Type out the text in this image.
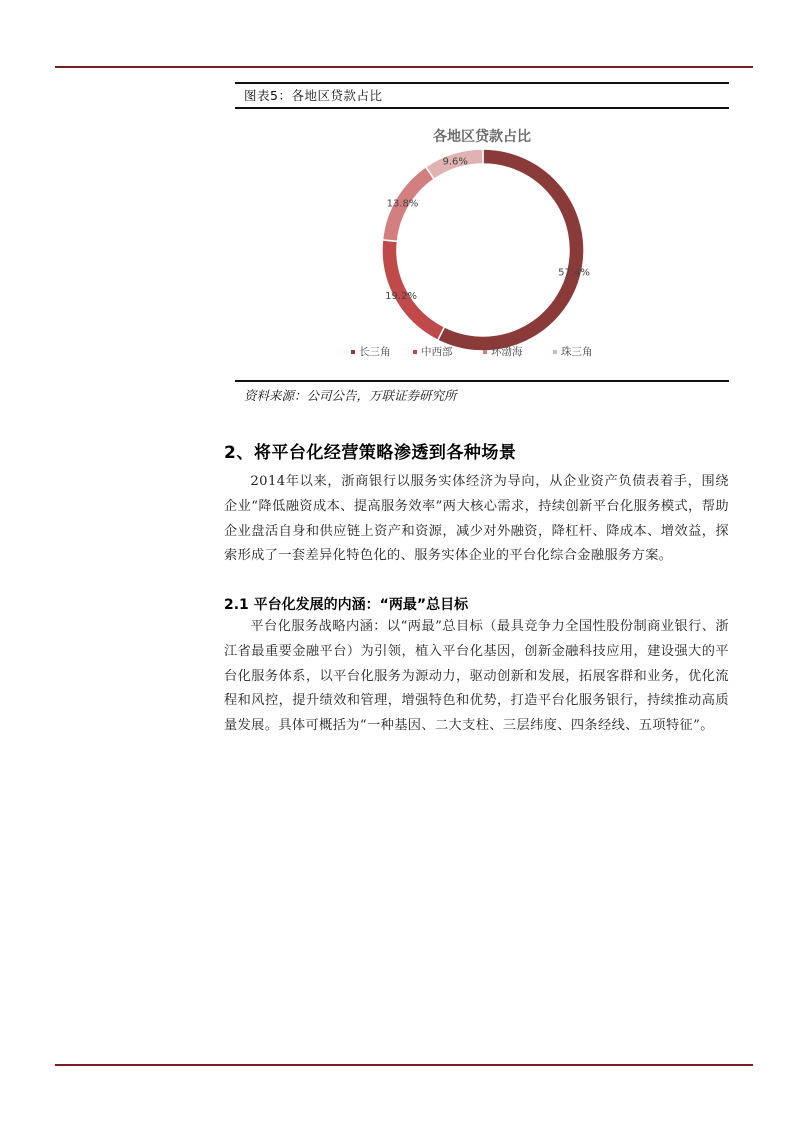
图表5：各地区贷款占比
各地区贷款占比
57.4%
19.2%
13.8%
9.6%
长三角	中西部	环渤海	珠三角
资料来源：公司公告，万联证券研究所
2、将平台化经营策略渗透到各种场景
2014年以来，浙商银行以服务实体经济为导向，从企业资产负债表着手，围绕企业“降低融资成本、提高服务效率”两大核心需求，持续创新平台化服务模式，帮助企业盘活自身和供应链上资产和资源，减少对外融资，降杠杆、降成本、增效益，探索形成了一套差异化特色化的、服务实体企业的平台化综合金融服务方案。
2.1 平台化发展的内涵：“两最”总目标
平台化服务战略内涵：以“两最”总目标（最具竞争力全国性股份制商业银行、浙江省最重要金融平台）为引领，植入平台化基因，创新金融科技应用，建设强大的平台化服务体系，以平台化服务为源动力，驱动创新和发展，拓展客群和业务，优化流程和风控，提升绩效和管理，增强特色和优势，打造平台化服务银行，持续推动高质量发展。具体可概括为“一种基因、二大支柱、三层纬度、四条经线、五项特征”。
